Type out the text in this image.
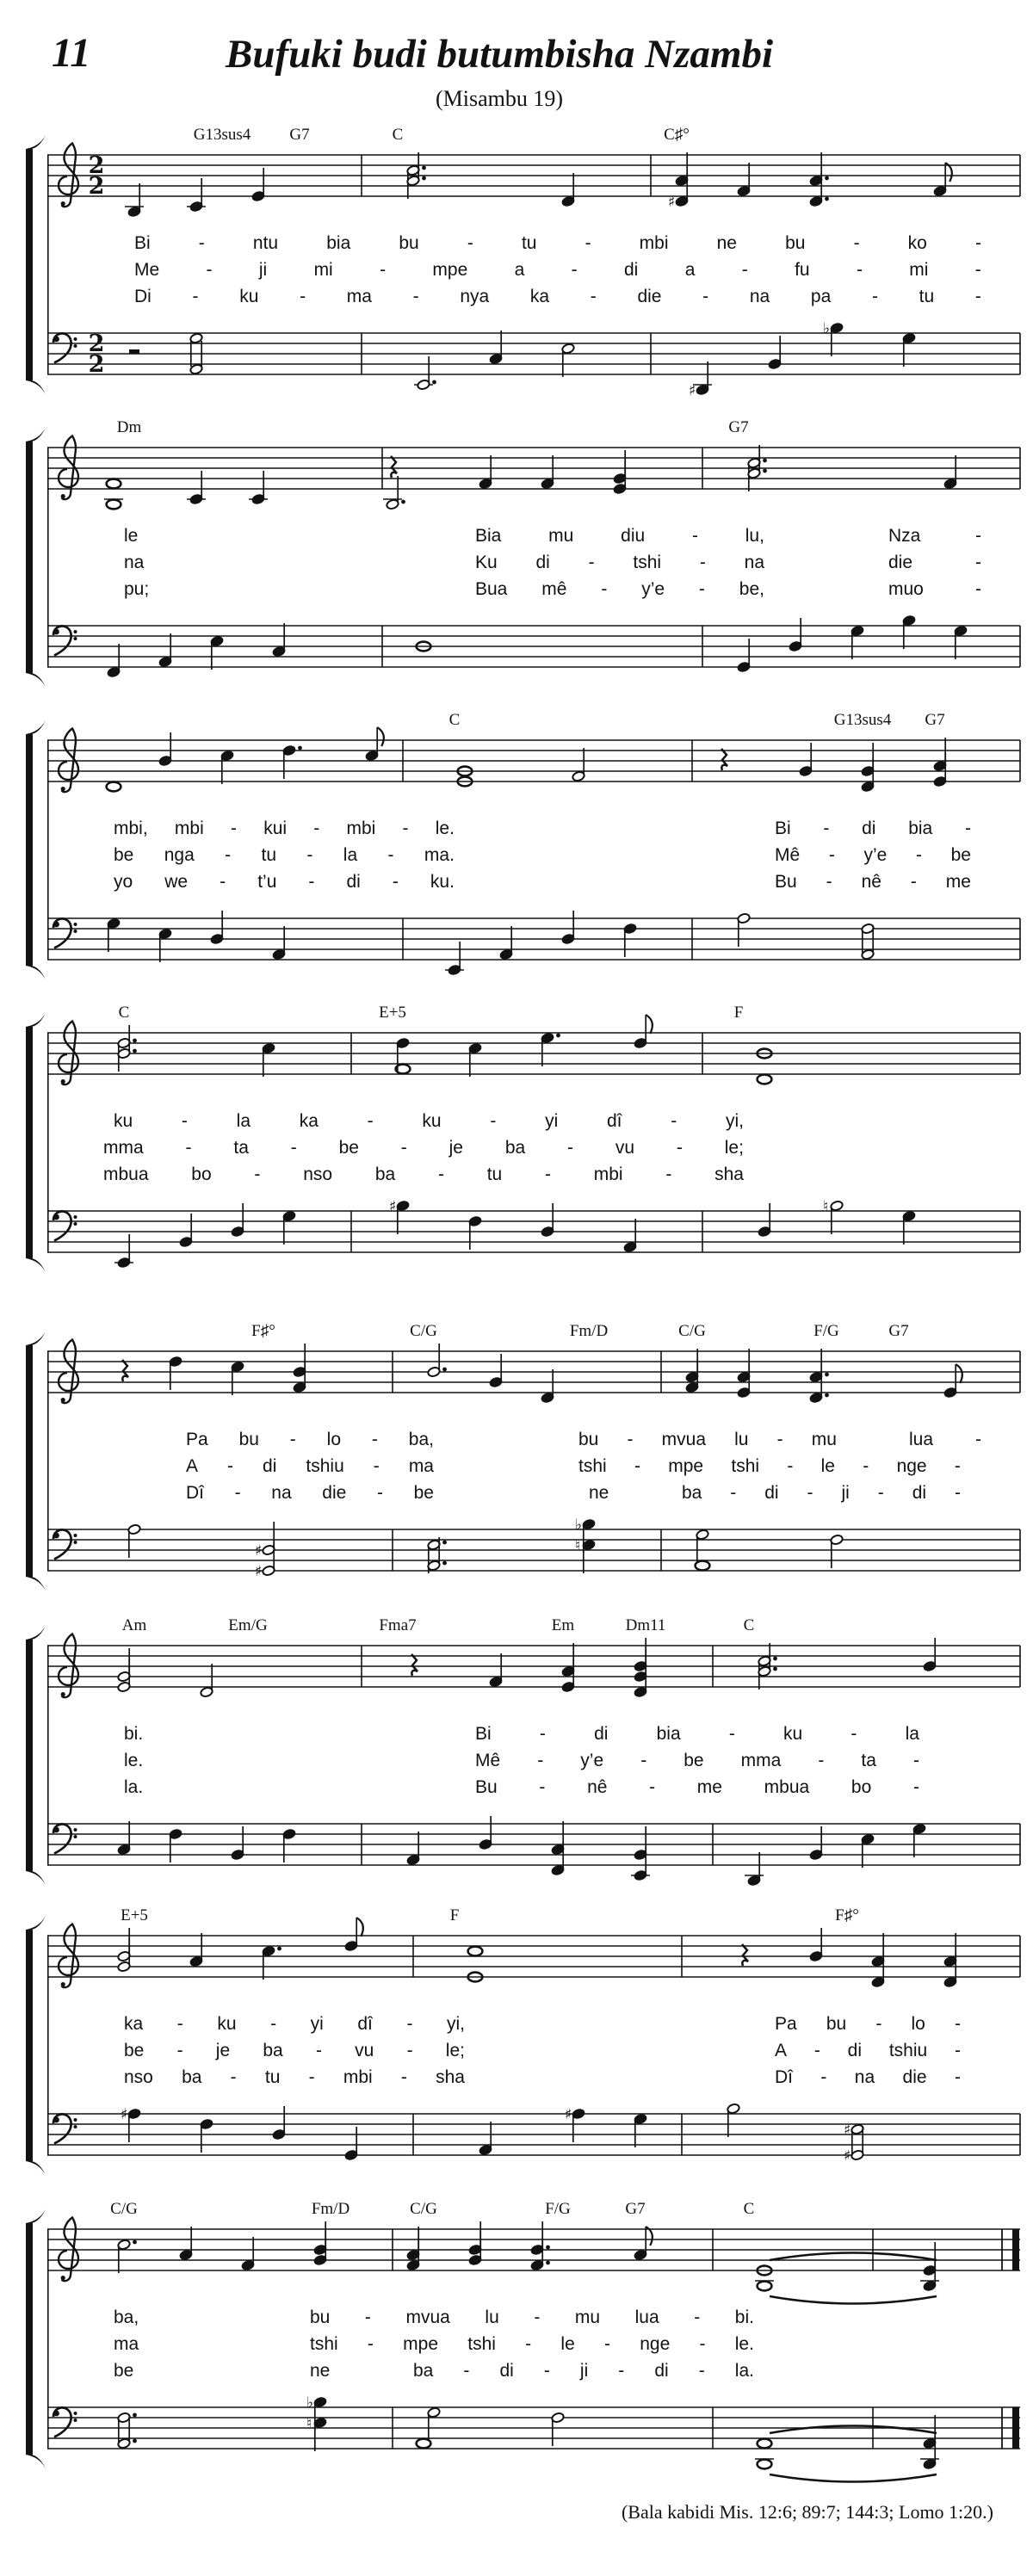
11	Bufuki budi butumbisha Nzambi
(Misambu 19)
2
2
2
2
♯
♯
♭
G13sus4 G7	C	C♯°
Bi	-	ntu	bia	bu	-	tu	-	mbi	ne	bu	-	ko	-
Me	-	ji	mi	-	mpe	a	-	di	a	-	fu	-	mi	-
Di - ku - ma - nya ka - die - na pa - tu -
Dm	G7
le	Bia	mu	diu	-	lu,	Nza	-
na	Ku di - tshi - na	die	-
pu;	Bua mê - y’e - be,	muo	-
C	G13sus4 G7
mbi, mbi - kui - mbi - le.	Bi - di bia -
be nga - tu - la - ma.	Mê - y’e - be
yo we - t’u - di - ku.	Bu - nê - me
♯	♮
C	E+5	F
ku	-	la	ka	-	ku	-	yi	dî	-	yi,
mma - ta - be - je ba - vu - le;
mbua bo - nso ba - tu - mbi - sha
♯
♯
♭
♮
F♯°	C/G	Fm/D	C/G	F/G	G7
Pa bu - lo - ba,	bu - mvua lu - mu	lua -
A - di tshiu - ma	tshi - mpe tshi - le - nge -
Dî - na die - be	ne	ba - di - ji - di -
Am	Em/G	Fma7	Em	Dm11	C
bi.	Bi	-	di	bia	-	ku	-	la
le.	Mê - y’e - be mma - ta -
la.	Bu - nê - me mbua bo -
♯	♯
♯
♯
E+5	F	F♯°
ka - ku - yi dî - yi,	Pa bu - lo -
be - je ba - vu - le;	A - di tshiu -
nso ba - tu - mbi - sha	Dî - na die -
♭
♮
C/G	Fm/D	C/G	F/G	G7	C
ba,	bu - mvua lu - mu lua - bi.
ma	tshi - mpe tshi - le - nge - le.
be	ne	ba - di - ji - di - la.
(Bala kabidi Mis. 12:6; 89:7; 144:3; Lomo 1:20.)
